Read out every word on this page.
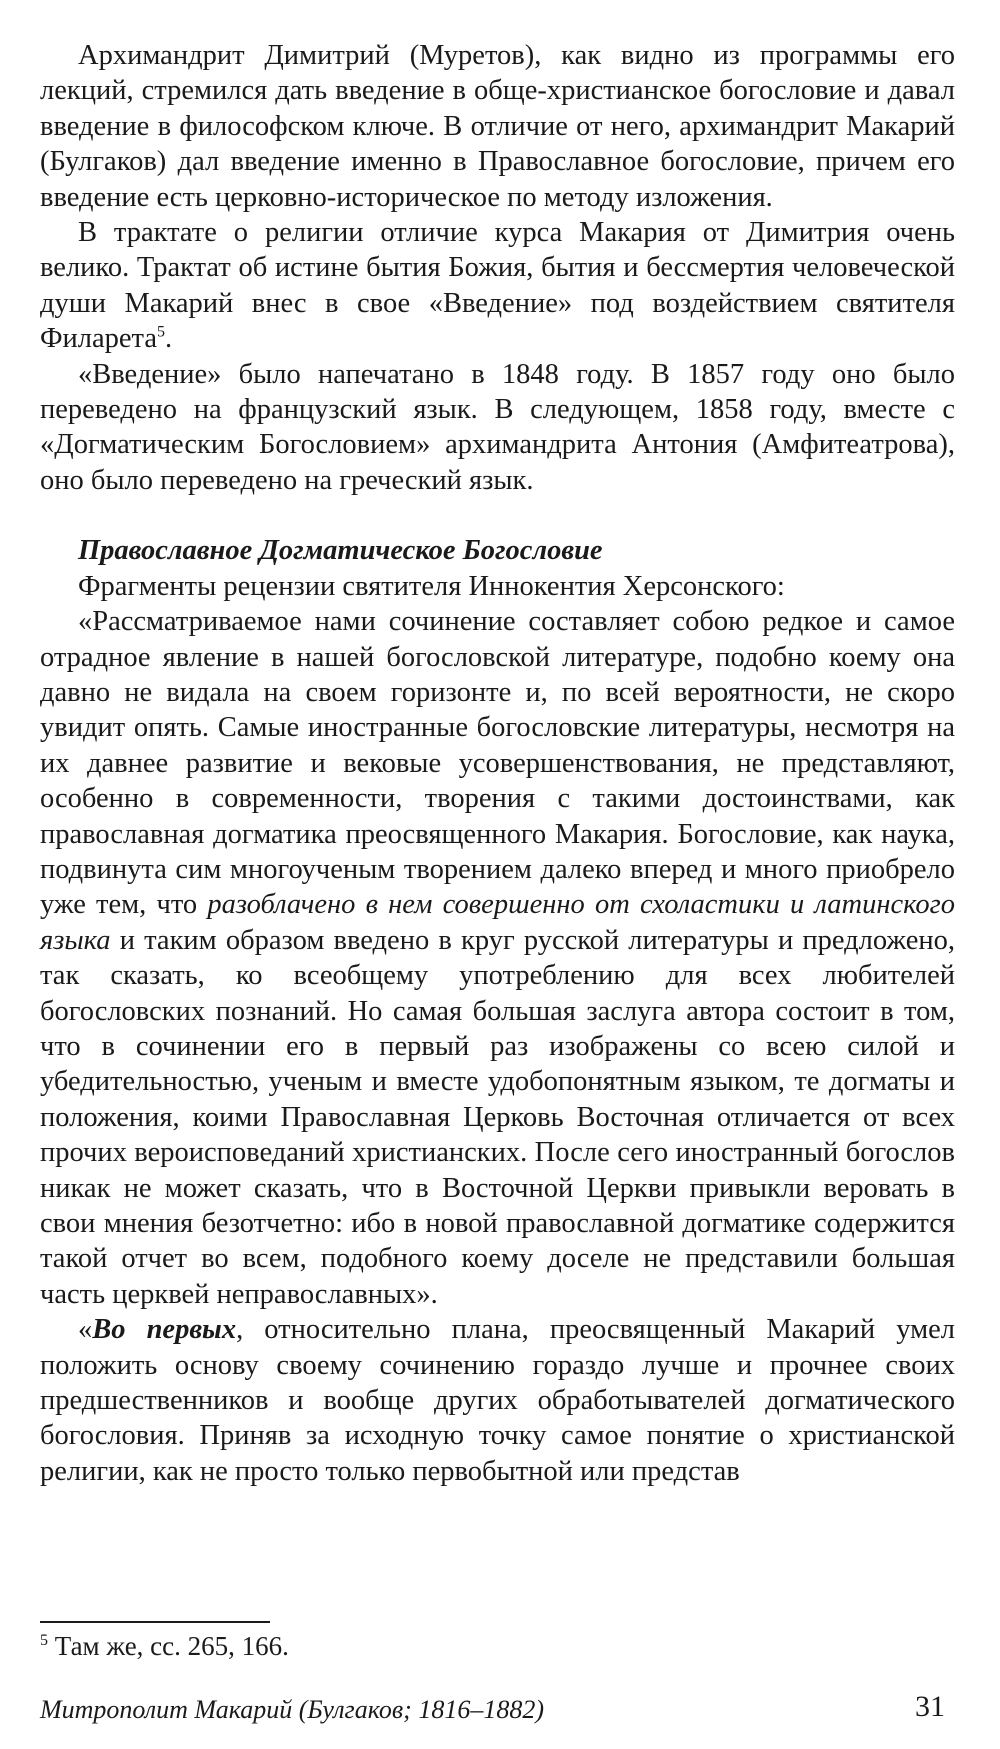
Архимандрит Димитрий (Муретов), как видно из программы его лекций, стремился дать введение в обще-христианское богословие и давал введение в философском ключе. В отличие от него, архимандрит Макарий (Булгаков) дал введение именно в Православное богословие, причем его введение есть церковно-историческое по методу изложения.

В трактате о религии отличие курса Макария от Димитрия очень велико. Трактат об истине бытия Божия, бытия и бессмертия человеческой души Макарий внес в свое «Введение» под воздействием святителя Филарета$^5$.

«Введение» было напечатано в 1848 году. В 1857 году оно было переведено на французский язык. В следующем, 1858 году, вместе с «Догматическим Богословием» архимандрита Антония (Амфитеатрова), оно было переведено на греческий язык.

Православное Догматическое Богословие

Фрагменты рецензии святителя Иннокентия Херсонского:

«Рассматриваемое нами сочинение составляет собою редкое и самое отрадное явление в нашей богословской литературе, подобно коему она давно не видала на своем горизонте и, по всей вероятности, не скоро увидит опять. Самые иностранные богословские литературы, несмотря на их давнее развитие и вековые усовершенствования, не представляют, особенно в современности, творения с такими достоинствами, как православная догматика преосвященного Макария. Богословие, как наука, подвинута сим многоученым творением далеко вперед и много приобрело уже тем, что разоблачено в нем совершенно от схоластики и латинского языка и таким образом введено в круг русской литературы и предложено, так сказать, ко всеобщему употреблению для всех любителей богословских познаний. Но самая большая заслуга автора состоит в том, что в сочинении его в первый раз изображены со всею силой и убедительностью, ученым и вместе удобопонятным языком, те догматы и положения, коими Православная Церковь Восточная отличается от всех прочих вероисповеданий христианских. После сего иностранный богослов никак не может сказать, что в Восточной Церкви привыкли веровать в свои мнения безотчетно: ибо в новой православной догматике содержится такой отчет во всем, подобного коему доселе не представили большая часть церквей неправославных».

«Во первых, относительно плана, преосвященный Макарий умел положить основу своему сочинению гораздо лучше и прочнее своих предшественников и вообще других обработывателей догматического богословия. Приняв за исходную точку самое понятие о христианской религии, как не просто только первобытной или представ

$^5$ Там же, сс. 265, 166.

Митрополит Макарий (Булгаков; 1816–1882)	31
